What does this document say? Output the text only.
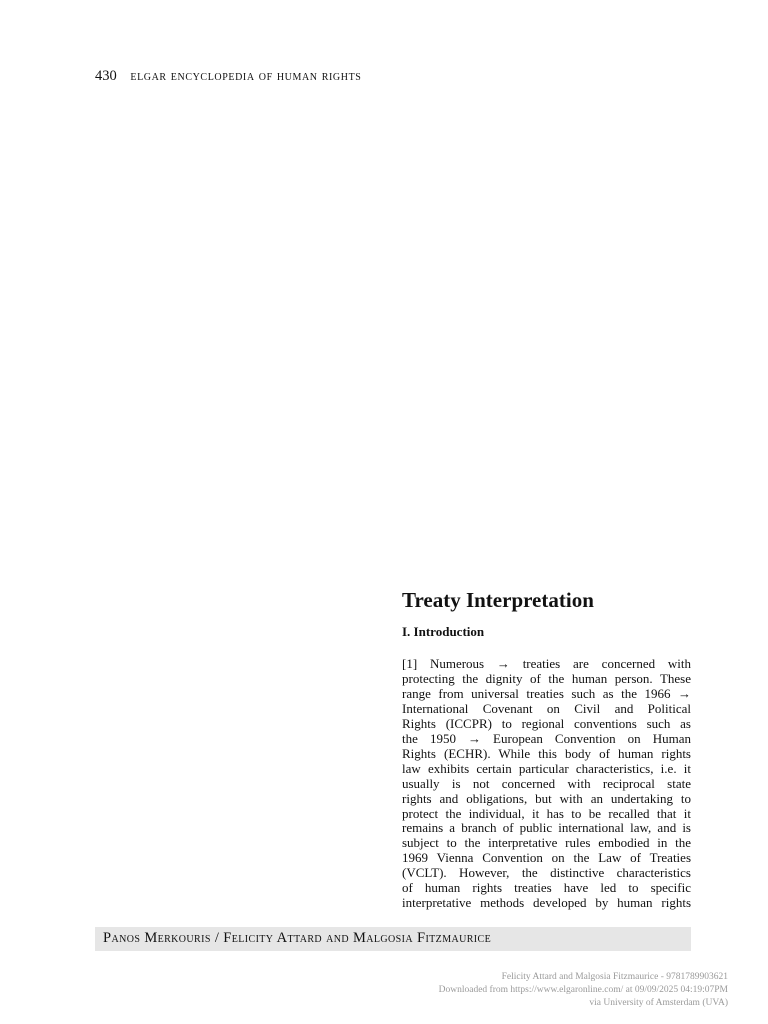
430 elgar encyclopedia of human rights
Treaty Interpretation
I. Introduction
[1] Numerous → treaties are concerned with
protecting the dignity of the human person. These
range from universal treaties such as the 1966 →
International Covenant on Civil and Political
Rights (ICCPR) to regional conventions such as
the 1950 → European Convention on Human
Rights (ECHR). While this body of human rights
law exhibits certain particular characteristics, i.e. it
usually is not concerned with reciprocal state
rights and obligations, but with an undertaking to
protect the individual, it has to be recalled that it
remains a branch of public international law, and is
subject to the interpretative rules embodied in the
1969 Vienna Convention on the Law of Treaties
(VCLT). However, the distinctive characteristics
of human rights treaties have led to specific
interpretative methods developed by human rights
Panos Merkouris / Felicity Attard and Malgosia Fitzmaurice
Felicity Attard and Malgosia Fitzmaurice - 9781789903621
Downloaded from https://www.elgaronline.com/ at 09/09/2025 04:19:07PM
via University of Amsterdam (UVA)
